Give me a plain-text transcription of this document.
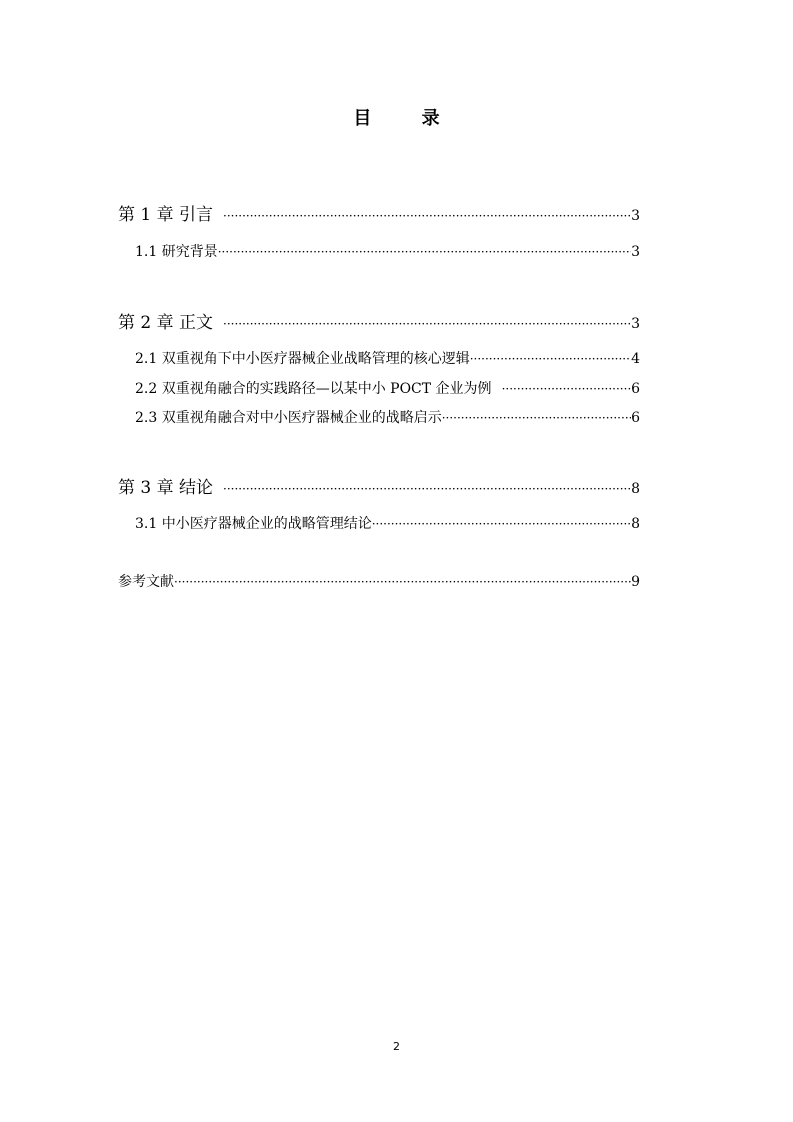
目 录
第 1 章 引言 ·····	3
1.1 研究背景 ·····	3
第 2 章 正文 ·····	3
2.1 双重视角下中小医疗器械企业战略管理的核心逻辑 ·····	4
2.2 双重视角融合的实践路径—以某中小 POCT 企业为例 ·····	6
2.3 双重视角融合对中小医疗器械企业的战略启示 ·····	6
第 3 章 结论 ·····	8
3.1 中小医疗器械企业的战略管理结论 ·····	8
参考文献 ·····	9
2
